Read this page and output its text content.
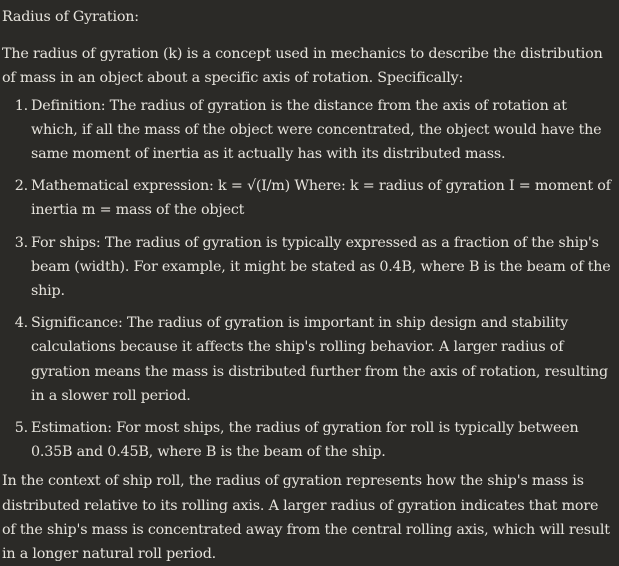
Radius of Gyration:

The radius of gyration (k) is a concept used in mechanics to describe the distribution of mass in an object about a specific axis of rotation. Specifically:

1. Definition: The radius of gyration is the distance from the axis of rotation at which, if all the mass of the object were concentrated, the object would have the same moment of inertia as it actually has with its distributed mass.
2. Mathematical expression: k = √(I/m) Where: k = radius of gyration I = moment of inertia m = mass of the object
3. For ships: The radius of gyration is typically expressed as a fraction of the ship's beam (width). For example, it might be stated as 0.4B, where B is the beam of the ship.
4. Significance: The radius of gyration is important in ship design and stability calculations because it affects the ship's rolling behavior. A larger radius of gyration means the mass is distributed further from the axis of rotation, resulting in a slower roll period.
5. Estimation: For most ships, the radius of gyration for roll is typically between 0.35B and 0.45B, where B is the beam of the ship.

In the context of ship roll, the radius of gyration represents how the ship's mass is distributed relative to its rolling axis. A larger radius of gyration indicates that more of the ship's mass is concentrated away from the central rolling axis, which will result in a longer natural roll period.
